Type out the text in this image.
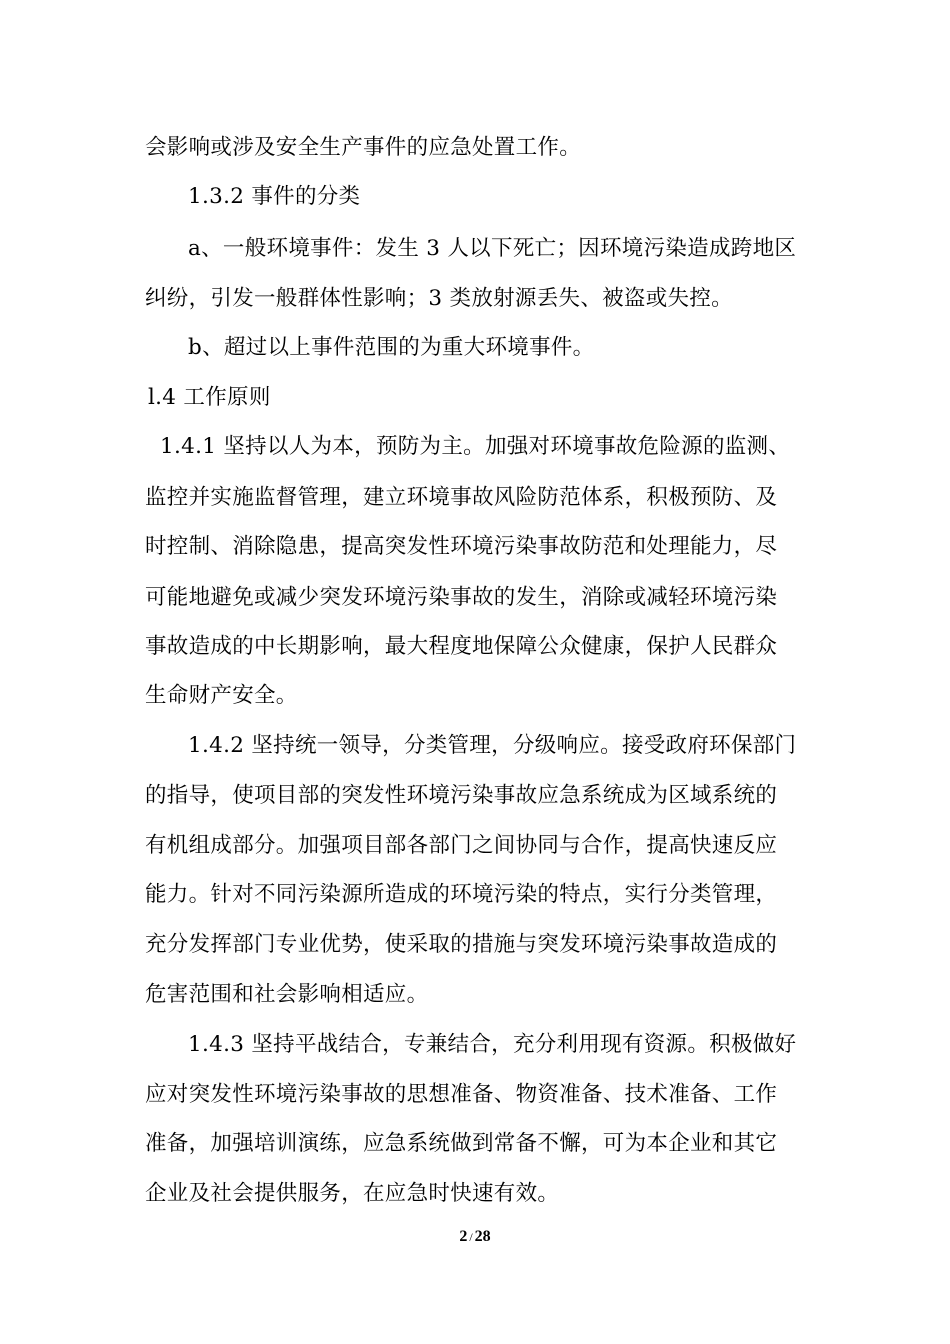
会影响或涉及安全生产事件的应急处置工作。
1.3.2 事件的分类
a、一般环境事件：发生 3 人以下死亡；因环境污染造成跨地区
纠纷，引发一般群体性影响；3 类放射源丢失、被盗或失控。
b、超过以上事件范围的为重大环境事件。
l.4 工作原则
1.4.1 坚持以人为本，预防为主。加强对环境事故危险源的监测、
监控并实施监督管理，建立环境事故风险防范体系，积极预防、及
时控制、消除隐患，提高突发性环境污染事故防范和处理能力，尽
可能地避免或减少突发环境污染事故的发生，消除或减轻环境污染
事故造成的中长期影响，最大程度地保障公众健康，保护人民群众
生命财产安全。
1.4.2 坚持统一领导，分类管理，分级响应。接受政府环保部门
的指导，使项目部的突发性环境污染事故应急系统成为区域系统的
有机组成部分。加强项目部各部门之间协同与合作，提高快速反应
能力。针对不同污染源所造成的环境污染的特点，实行分类管理，
充分发挥部门专业优势，使采取的措施与突发环境污染事故造成的
危害范围和社会影响相适应。
1.4.3 坚持平战结合，专兼结合，充分利用现有资源。积极做好
应对突发性环境污染事故的思想准备、物资准备、技术准备、工作
准备，加强培训演练，应急系统做到常备不懈，可为本企业和其它
企业及社会提供服务，在应急时快速有效。
2 / 28
